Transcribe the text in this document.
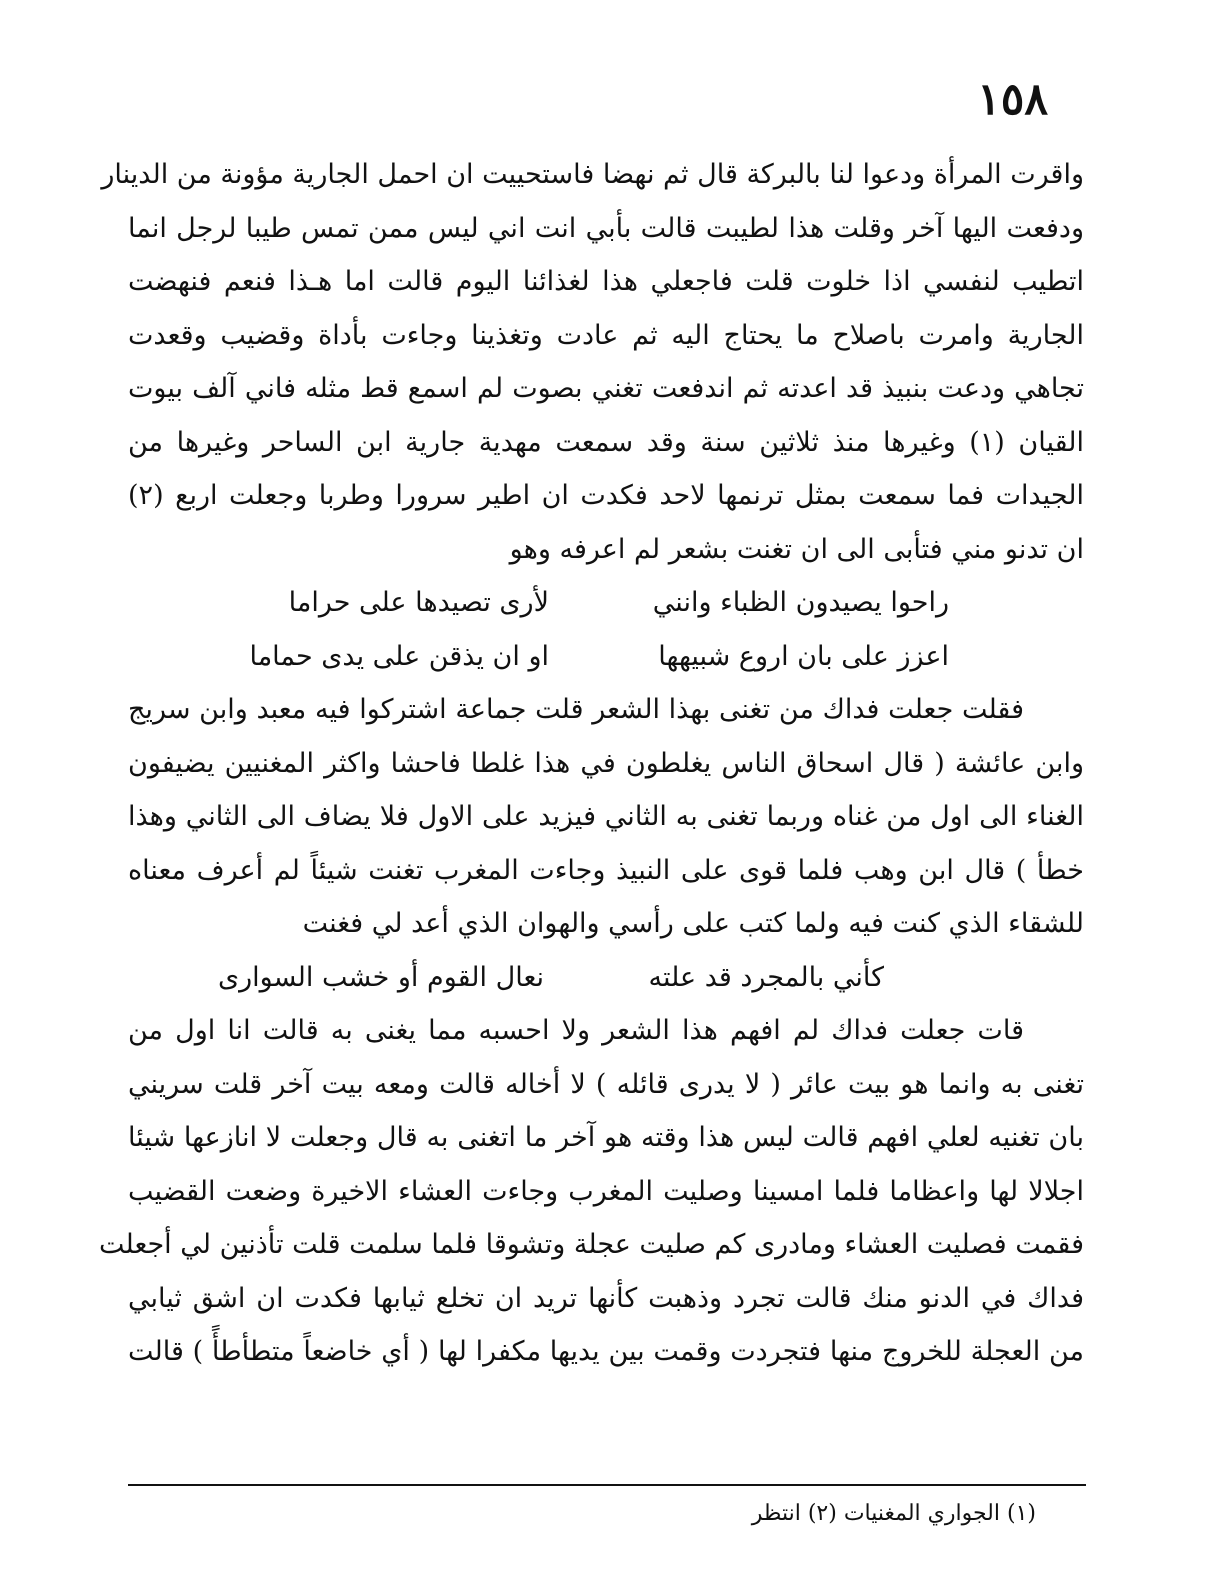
١٥٨
واقرت المرأة ودعوا لنا بالبركة قال ثم نهضا فاستحييت ان احمل الجارية مؤونة من الدينار
ودفعت اليها آخر وقلت هذا لطيبت قالت بأبي انت اني ليس ممن تمس طيبا لرجل انما
اتطيب لنفسي اذا خلوت قلت فاجعلي هذا لغذائنا اليوم قالت اما هـذا فنعم فنهضت
الجارية وامرت باصلاح ما يحتاج اليه ثم عادت وتغذينا وجاءت بأداة وقضيب وقعدت
تجاهي ودعت بنبيذ قد اعدته ثم اندفعت تغني بصوت لم اسمع قط مثله فاني آلف بيوت
القيان (١) وغيرها منذ ثلاثين سنة وقد سمعت مهدية جارية ابن الساحر وغيرها من
الجيدات فما سمعت بمثل ترنمها لاحد فكدت ان اطير سرورا وطربا وجعلت اربع (٢)
ان تدنو مني فتأبى الى ان تغنت بشعر لم اعرفه وهو
راحوا يصيدون الظباء وانني
لأرى تصيدها على حراما
اعزز على بان اروع شبيهها
او ان يذقن على يدى حماما
فقلت جعلت فداك من تغنى بهذا الشعر قلت جماعة اشتركوا فيه معبد وابن سريج
وابن عائشة ( قال اسحاق الناس يغلطون في هذا غلطا فاحشا واكثر المغنيين يضيفون
الغناء الى اول من غناه وربما تغنى به الثاني فيزيد على الاول فلا يضاف الى الثاني وهذا
خطأ ) قال ابن وهب فلما قوى على النبيذ وجاءت المغرب تغنت شيئاً لم أعرف معناه
للشقاء الذي كنت فيه ولما كتب على رأسي والهوان الذي أعد لي فغنت
كأني بالمجرد قد علته
نعال القوم أو خشب السوارى
قات جعلت فداك لم افهم هذا الشعر ولا احسبه مما يغنى به قالت انا اول من
تغنى به وانما هو بيت عائر ( لا يدرى قائله ) لا أخاله قالت ومعه بيت آخر قلت سريني
بان تغنيه لعلي افهم قالت ليس هذا وقته هو آخر ما اتغنى به قال وجعلت لا انازعها شيئا
اجلالا لها واعظاما فلما امسينا وصليت المغرب وجاءت العشاء الاخيرة وضعت القضيب
فقمت فصليت العشاء ومادرى كم صليت عجلة وتشوقا فلما سلمت قلت تأذنين لي أجعلت
فداك في الدنو منك قالت تجرد وذهبت كأنها تريد ان تخلع ثيابها فكدت ان اشق ثيابي
من العجلة للخروج منها فتجردت وقمت بين يديها مكفرا لها ( أي خاضعاً متطأطأً ) قالت
(١) الجواري المغنيات (٢) انتظر
